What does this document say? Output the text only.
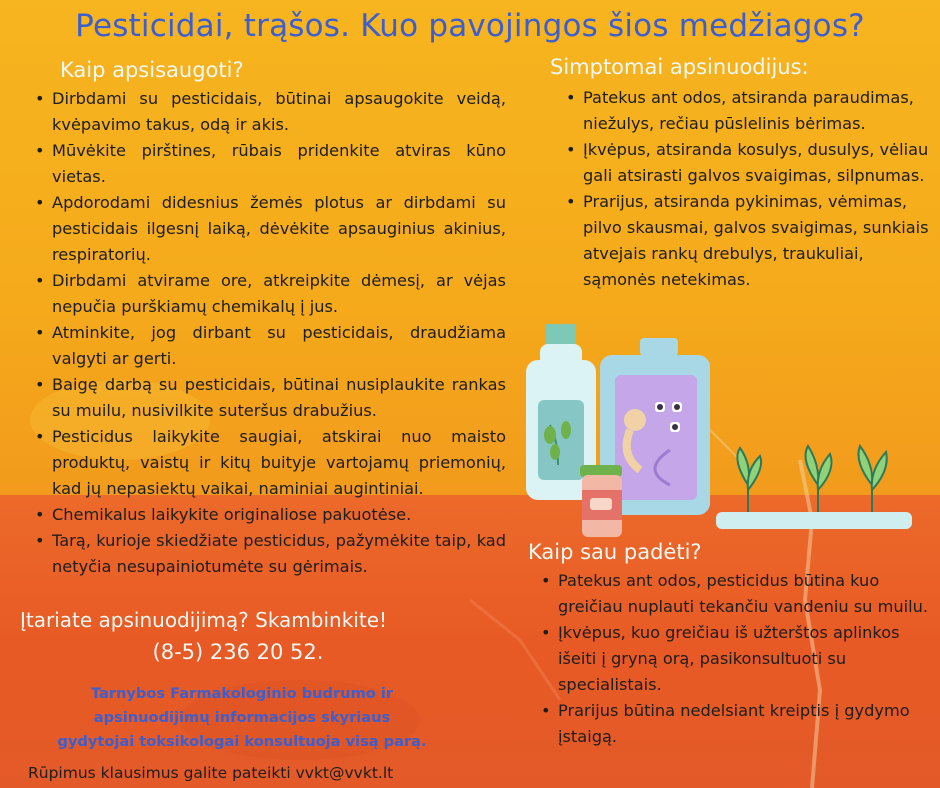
Pesticidai, trąšos. Kuo pavojingos šios medžiagos?
Kaip apsisaugoti?
• Dirbdami su pesticidais, būtinai apsaugokite veidą, kvėpavimo takus, odą ir akis.
• Mūvėkite pirštines, rūbais pridenkite atviras kūno vietas.
• Apdorodami didesnius žemės plotus ar dirbdami su pesticidais ilgesnį laiką, dėvėkite apsauginius akinius, respiratorių.
• Dirbdami atvirame ore, atkreipkite dėmesį, ar vėjas nepučia purškiamų chemikalų į jus.
• Atminkite, jog dirbant su pesticidais, draudžiama valgyti ar gerti.
• Baigę darbą su pesticidais, būtinai nusiplaukite rankas su muilu, nusivilkite suteršus drabužius.
• Pesticidus laikykite saugiai, atskirai nuo maisto produktų, vaistų ir kitų buityje vartojamų priemonių, kad jų nepasiektų vaikai, naminiai augintiniai.
• Chemikalus laikykite originaliose pakuotėse.
• Tarą, kurioje skiedžiate pesticidus, pažymėkite taip, kad netyčia nesupainiotumėte su gėrimais.
Simptomai apsinuodijus:
• Patekus ant odos, atsiranda paraudimas, niežulys, rečiau pūslelinis bėrimas.
• Įkvėpus, atsiranda kosulys, dusulys, vėliau gali atsirasti galvos svaigimas, silpnumas.
• Prarijus, atsiranda pykinimas, vėmimas, pilvo skausmai, galvos svaigimas, sunkiais atvejais rankų drebulys, traukuliai, sąmonės netekimas.
Kaip sau padėti?
• Patekus ant odos, pesticidus būtina kuo greičiau nuplauti tekančiu vandeniu su muilu.
• Įkvėpus, kuo greičiau iš užterštos aplinkos išeiti į gryną orą, pasikonsultuoti su specialistais.
• Prarijus būtina nedelsiant kreiptis į gydymo įstaigą.
Įtariate apsinuodijimą? Skambinkite!
(8-5) 236 20 52.
Tarnybos Farmakologinio budrumo ir
apsinuodijimų informacijos skyriaus
gydytojai toksikologai konsultuoja visą parą.
Rūpimus klausimus galite pateikti vvkt@vvkt.lt
